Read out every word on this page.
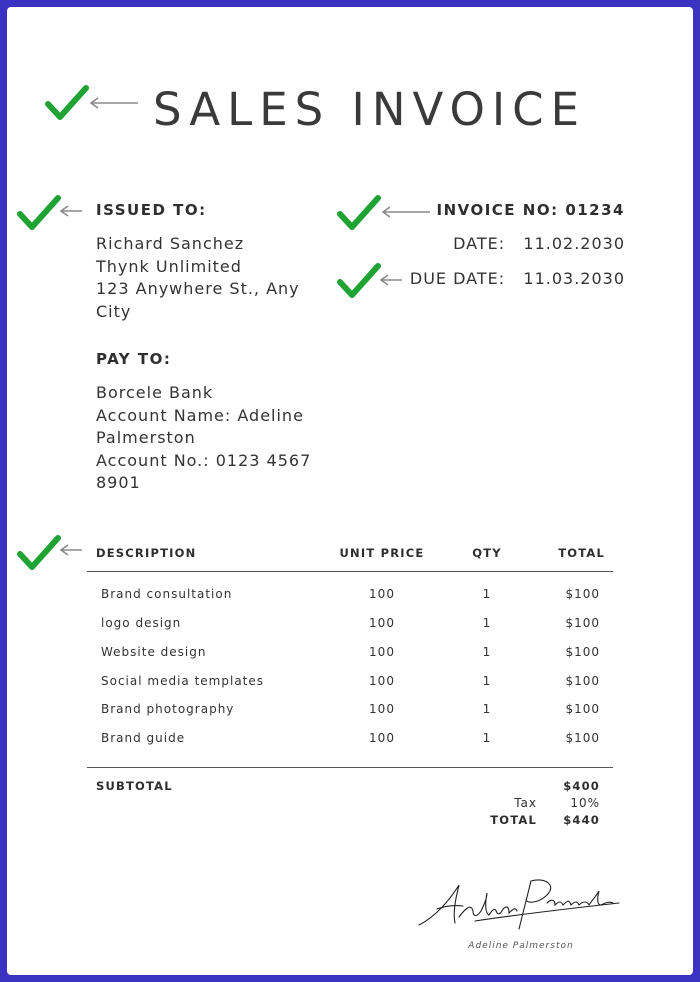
SALES INVOICE
ISSUED TO:
Richard Sanchez
Thynk Unlimited
123 Anywhere St., Any
City
PAY TO:
Borcele Bank
Account Name: Adeline
Palmerston
Account No.: 0123 4567
8901
INVOICE NO: 01234
DATE: 11.02.2030
DUE DATE: 11.03.2030
DESCRIPTION	UNIT PRICE	QTY	TOTAL
Brand consultation	100	1	$100
logo design	100	1	$100
Website design	100	1	$100
Social media templates	100	1	$100
Brand photography	100	1	$100
Brand guide	100	1	$100
SUBTOTAL	$400
Tax	10%
TOTAL	$440
Adeline Palmerston
